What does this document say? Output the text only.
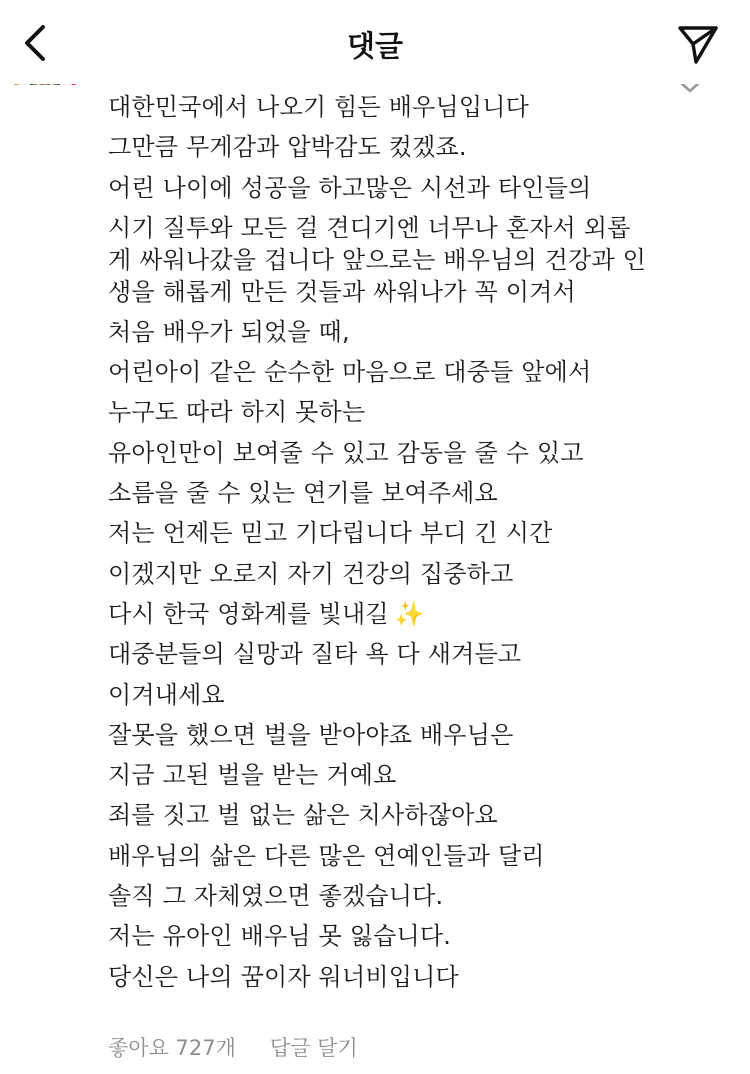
대한민국에서 나오기 힘든 배우님입니다
그만큼 무게감과 압박감도 컸겠죠.
어린 나이에 성공을 하고많은 시선과 타인들의
시기 질투와 모든 걸 견디기엔 너무나 혼자서 외롭게 싸워나갔을 겁니다 앞으로는 배우님의 건강과 인생을 해롭게 만든 것들과 싸워나가 꼭 이겨서
처음 배우가 되었을 때,
어린아이 같은 순수한 마음으로 대중들 앞에서
누구도 따라 하지 못하는
유아인만이 보여줄 수 있고 감동을 줄 수 있고
소름을 줄 수 있는 연기를 보여주세요
저는 언제든 믿고 기다립니다 부디 긴 시간
이겠지만 오로지 자기 건강의 집중하고
다시 한국 영화계를 빛내길 ✨
대중분들의 실망과 질타 욕 다 새겨듣고
이겨내세요
잘못을 했으면 벌을 받아야죠 배우님은
지금 고된 벌을 받는 거예요
죄를 짓고 벌 없는 삶은 치사하잖아요
배우님의 삶은 다른 많은 연예인들과 달리
솔직 그 자체였으면 좋겠습니다.
저는 유아인 배우님 못 잃습니다.
당신은 나의 꿈이자 워너비입니다
좋아요 727개 답글 달기
댓글
